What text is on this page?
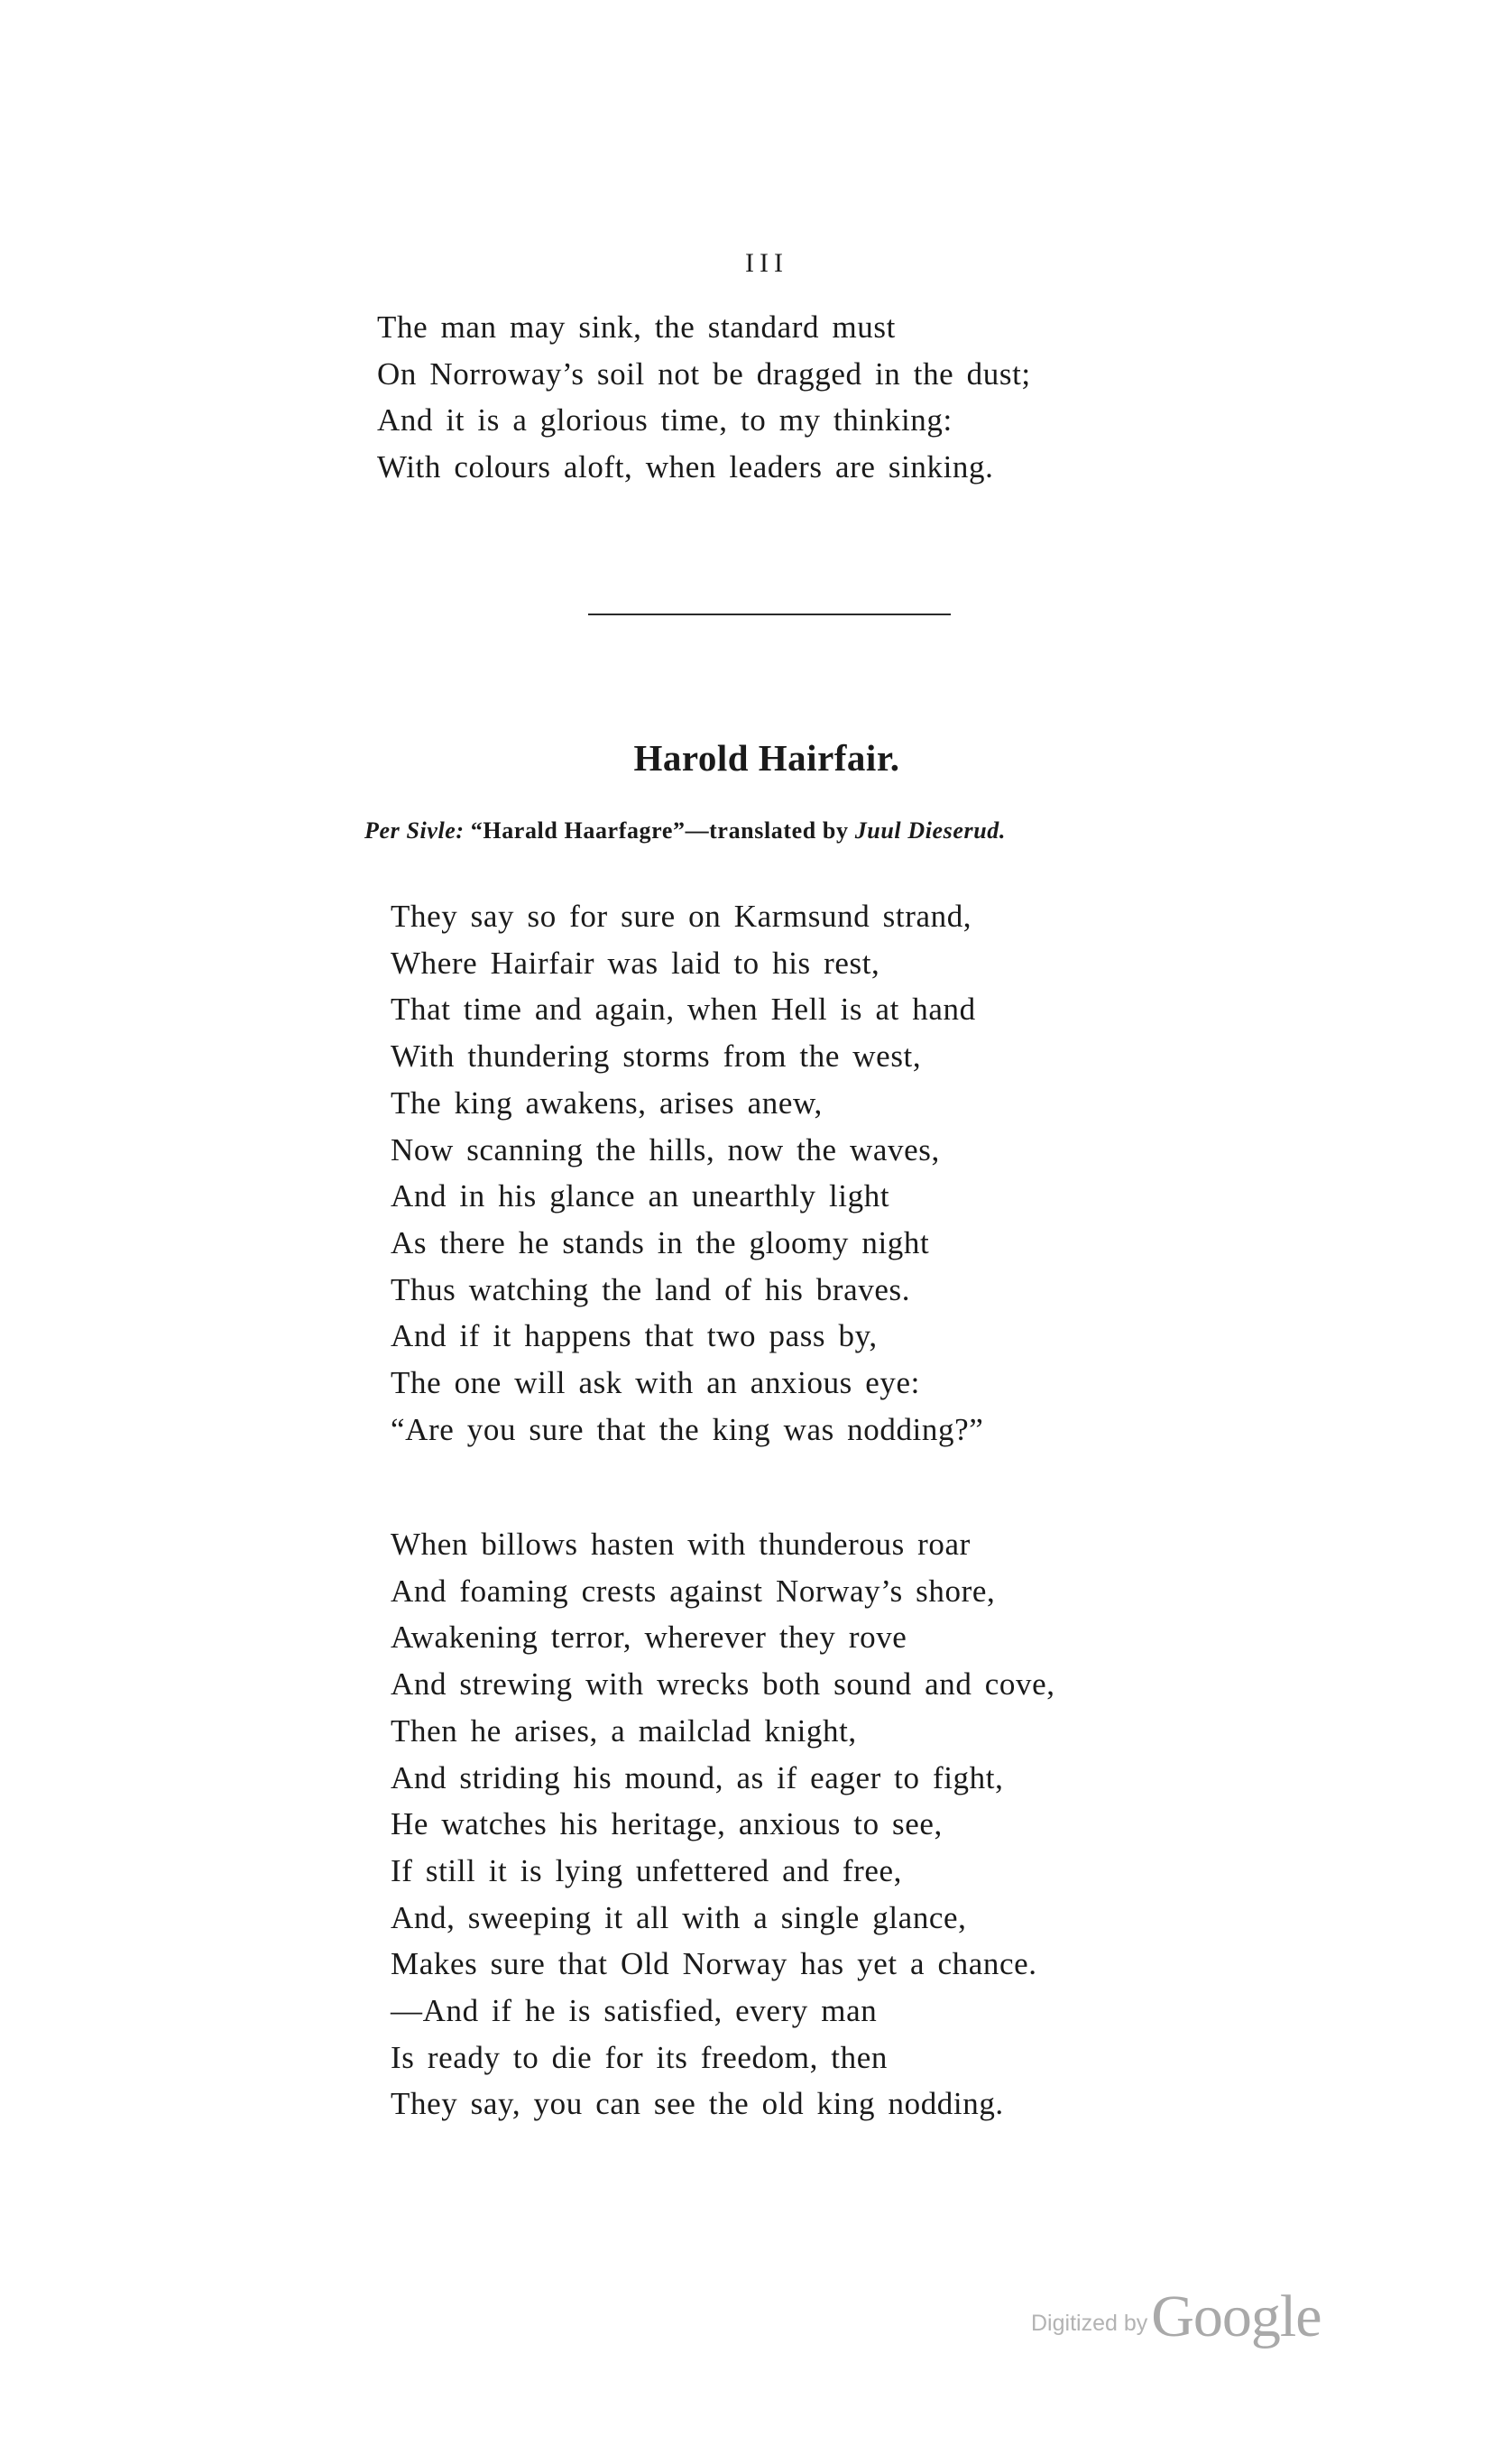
III

The man may sink, the standard must
On Norroway’s soil not be dragged in the dust;
And it is a glorious time, to my thinking:
With colours aloft, when leaders are sinking.
Harold Hairfair.

Per Sivle: “Harald Haarfagre”—translated by Juul Dieserud.

They say so for sure on Karmsund strand,
Where Hairfair was laid to his rest,
That time and again, when Hell is at hand
With thundering storms from the west,
The king awakens, arises anew,
Now scanning the hills, now the waves,
And in his glance an unearthly light
As there he stands in the gloomy night
Thus watching the land of his braves.
And if it happens that two pass by,
The one will ask with an anxious eye:
“Are you sure that the king was nodding?”
When billows hasten with thunderous roar
And foaming crests against Norway’s shore,
Awakening terror, wherever they rove
And strewing with wrecks both sound and cove,
Then he arises, a mailclad knight,
And striding his mound, as if eager to fight,
He watches his heritage, anxious to see,
If still it is lying unfettered and free,
And, sweeping it all with a single glance,
Makes sure that Old Norway has yet a chance.
—And if he is satisfied, every man
Is ready to die for its freedom, then
They say, you can see the old king nodding.
Digitized by Google
